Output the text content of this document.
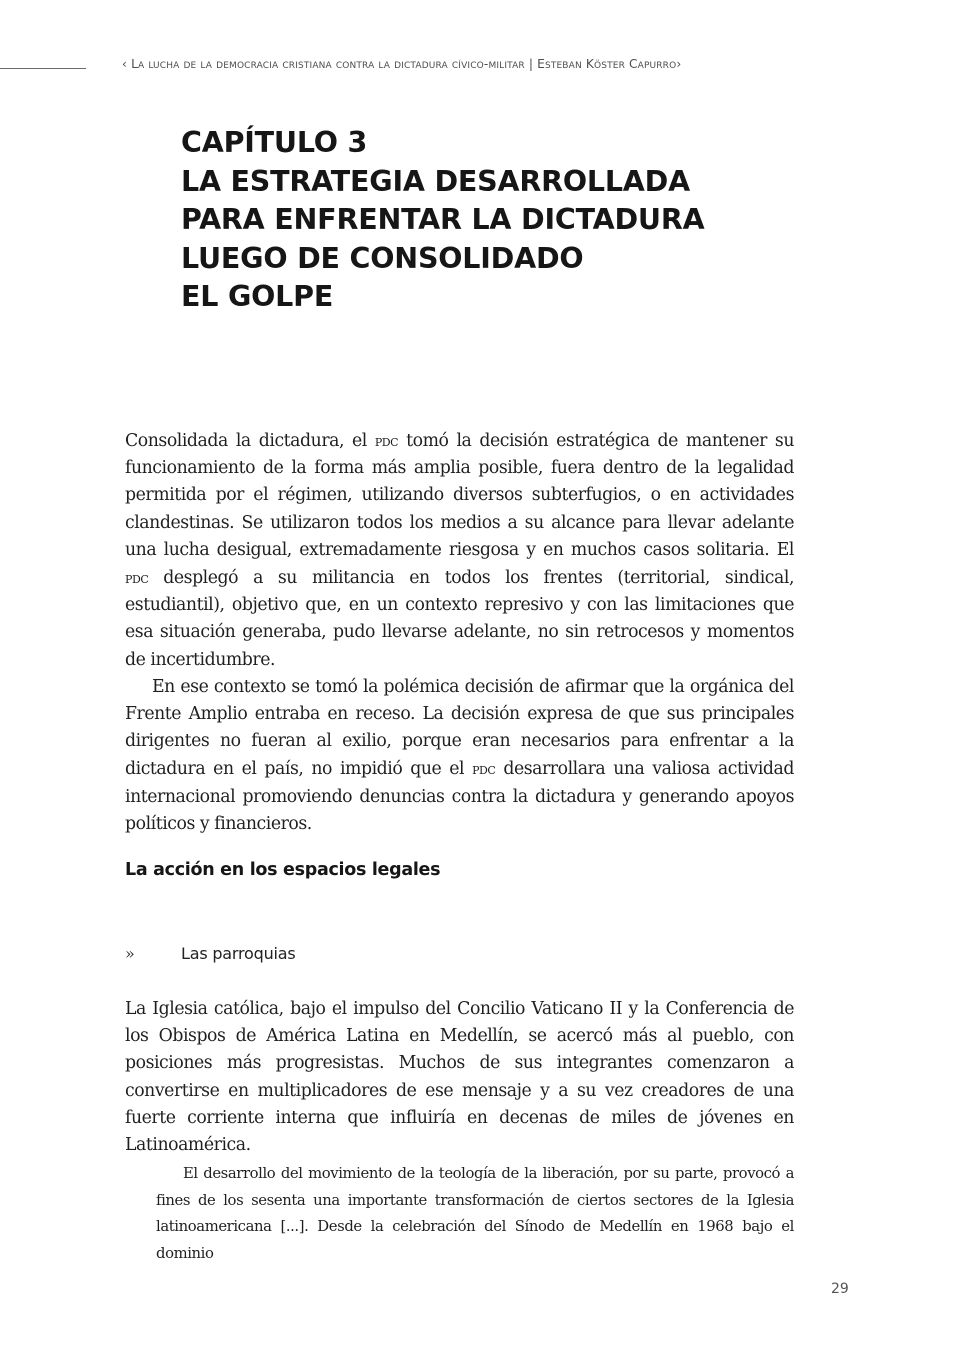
‹ La lucha de la democracia cristiana contra la dictadura cívico-militar | Esteban Köster Capurro›
CAPÍTULO 3
LA ESTRATEGIA DESARROLLADA
PARA ENFRENTAR LA DICTADURA
LUEGO DE CONSOLIDADO
EL GOLPE

Consolidada la dictadura, el pdc tomó la decisión estratégica de mantener su funcionamiento de la forma más amplia posible, fuera dentro de la legalidad permitida por el régimen, utilizando diversos subterfugios, o en actividades clandestinas. Se utilizaron todos los medios a su alcance para llevar adelante una lucha desigual, extremadamente riesgosa y en muchos casos solitaria. El pdc desplegó a su militancia en todos los frentes (territorial, sindical, estudiantil), objetivo que, en un contexto represivo y con las limitaciones que esa situación generaba, pudo llevarse adelante, no sin retrocesos y momentos de incertidumbre.

En ese contexto se tomó la polémica decisión de afirmar que la orgánica del Frente Amplio entraba en receso. La decisión expresa de que sus principales dirigentes no fueran al exilio, porque eran necesarios para enfrentar a la dictadura en el país, no impidió que el pdc desarrollara una valiosa actividad internacional promoviendo denuncias contra la dictadura y generando apoyos políticos y financieros.

La acción en los espacios legales
»	Las parroquias

La Iglesia católica, bajo el impulso del Concilio Vaticano II y la Conferencia de los Obispos de América Latina en Medellín, se acercó más al pueblo, con posiciones más progresistas. Muchos de sus integrantes comenzaron a convertirse en multiplicadores de ese mensaje y a su vez creadores de una fuerte corriente interna que influiría en decenas de miles de jóvenes en Latinoamérica.

El desarrollo del movimiento de la teología de la liberación, por su parte, provocó a fines de los sesenta una importante transformación de ciertos sectores de la Iglesia latinoamericana [...]. Desde la celebración del Sínodo de Medellín en 1968 bajo el dominio
29
